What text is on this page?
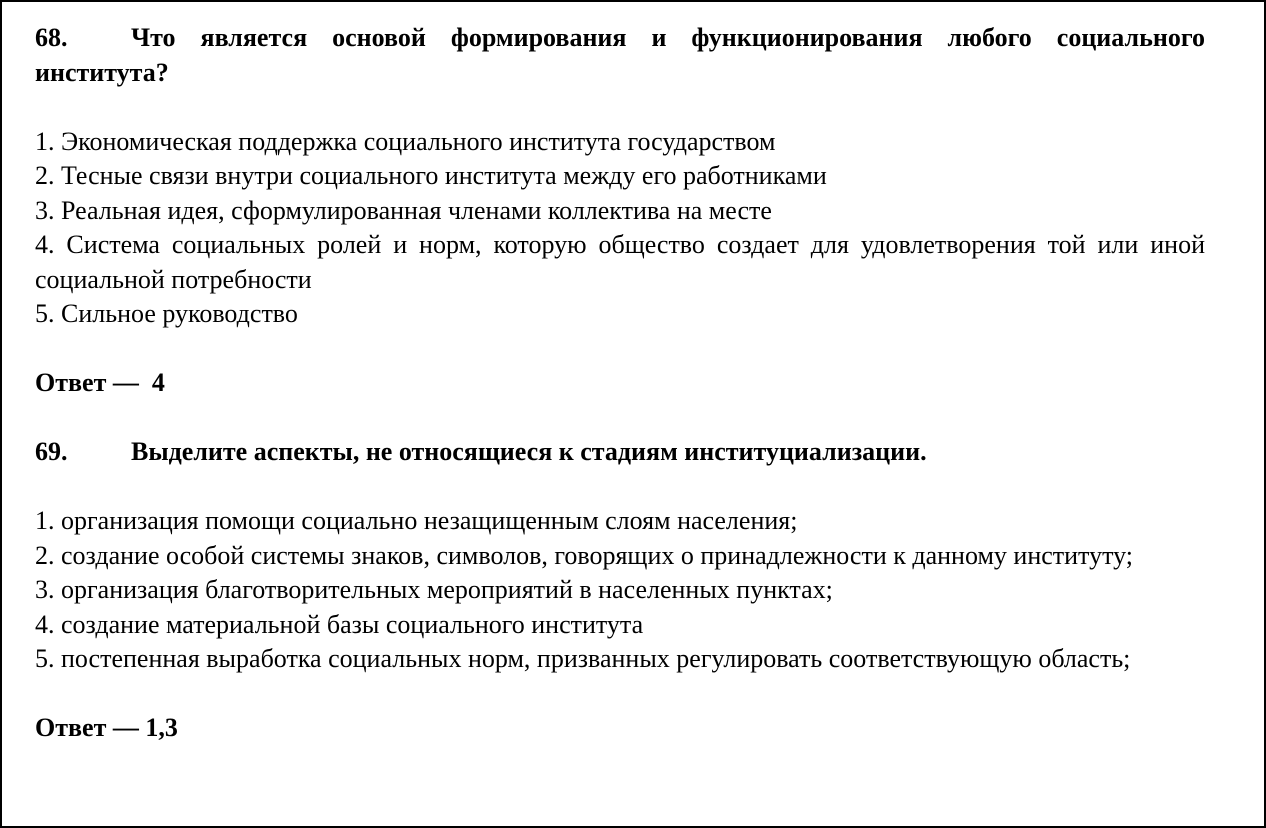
68. Что является основой формирования и функционирования любого социального института?

1. Экономическая поддержка социального института государством
2. Тесные связи внутри социального института между его работниками
3. Реальная идея, сформулированная членами коллектива на месте
4. Система социальных ролей и норм, которую общество создает для удовлетворения той или иной социальной потребности
5. Сильное руководство

Ответ — 4

69. Выделите аспекты, не относящиеся к стадиям институциализации.

1. организация помощи социально незащищенным слоям населения;
2. создание особой системы знаков, символов, говорящих о принадлежности к данному институту;
3. организация благотворительных мероприятий в населенных пунктах;
4. создание материальной базы социального института
5. постепенная выработка социальных норм, призванных регулировать соответствующую область;

Ответ — 1,3
